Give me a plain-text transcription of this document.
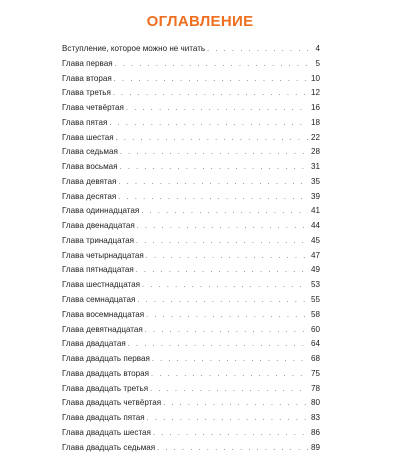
ОГЛАВЛЕНИЕ
Вступление, которое можно не читать . . .	4
Глава первая . . .	5
Глава вторая . . .	10
Глава третья . . .	12
Глава четвёртая . . .	16
Глава пятая . . .	18
Глава шестая . . .	22
Глава седьмая . . .	28
Глава восьмая . . .	31
Глава девятая . . .	35
Глава десятая . . .	39
Глава одиннадцатая . . .	41
Глава двенадцатая . . .	44
Глава тринадцатая . . .	45
Глава четырнадцатая . . .	47
Глава пятнадцатая . . .	49
Глава шестнадцатая . . .	53
Глава семнадцатая . . .	55
Глава восемнадцатая . . .	58
Глава девятнадцатая . . .	60
Глава двадцатая . . .	64
Глава двадцать первая . . .	68
Глава двадцать вторая . . .	75
Глава двадцать третья . . .	78
Глава двадцать четвёртая . . .	80
Глава двадцать пятая . . .	83
Глава двадцать шестая . . .	86
Глава двадцать седьмая . . .	89
